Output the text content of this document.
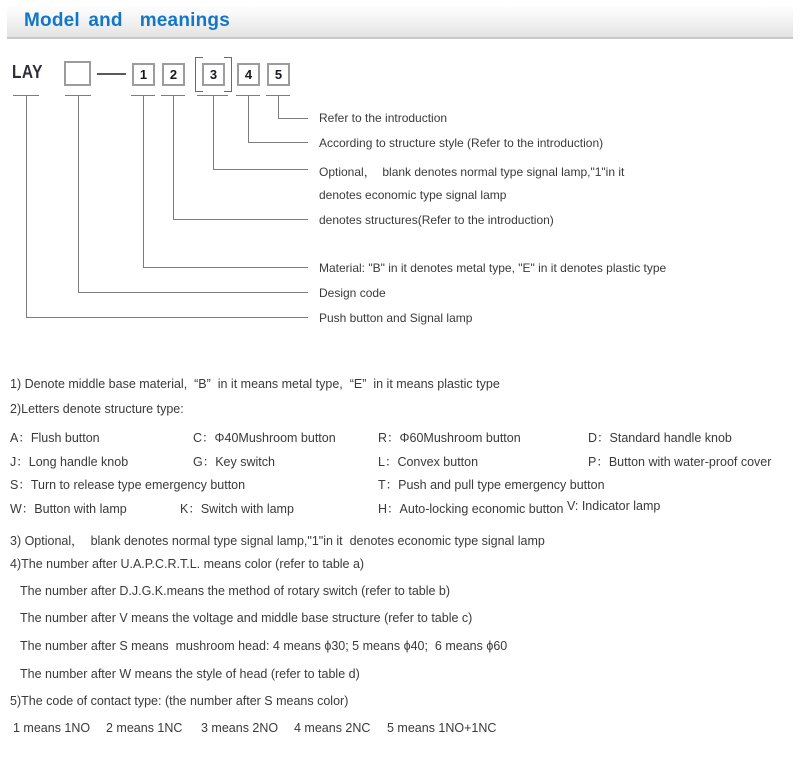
Model and  meanings
LAY	1	2	3	4	5
Refer to the introduction
According to structure style (Refer to the introduction)
Optional，  blank denotes normal type signal lamp,"1"in it
denotes economic type signal lamp
denotes structures(Refer to the introduction)
Material: "B" in it denotes metal type, "E" in it denotes plastic type
Design code
Push button and Signal lamp
1) Denote middle base material,  “B”  in it means metal type,  “E”  in it means plastic type
2)Letters denote structure type:
A：Flush button	C：Φ40Mushroom button	R：Φ60Mushroom button	D：Standard handle knob
J：Long handle knob	G：Key switch	L：Convex button	P：Button with water-proof cover
S：Turn to release type emergency button	T：Push and pull type emergency button
W：Button with lamp	K：Switch with lamp	H：Auto-locking economic button V: Indicator lamp
3) Optional，  blank denotes normal type signal lamp,"1"in it  denotes economic type signal lamp
4)The number after U.A.P.C.R.T.L. means color (refer to table a)
The number after D.J.G.K.means the method of rotary switch (refer to table b)
The number after V means the voltage and middle base structure (refer to table c)
The number after S means  mushroom head: 4 means ϕ30; 5 means ϕ40;  6 means ϕ60
The number after W means the style of head (refer to table d)
5)The code of contact type: (the number after S means color)
1 means 1NO 2 means 1NC 3 means 2NO 4 means 2NC 5 means 1NO+1NC
